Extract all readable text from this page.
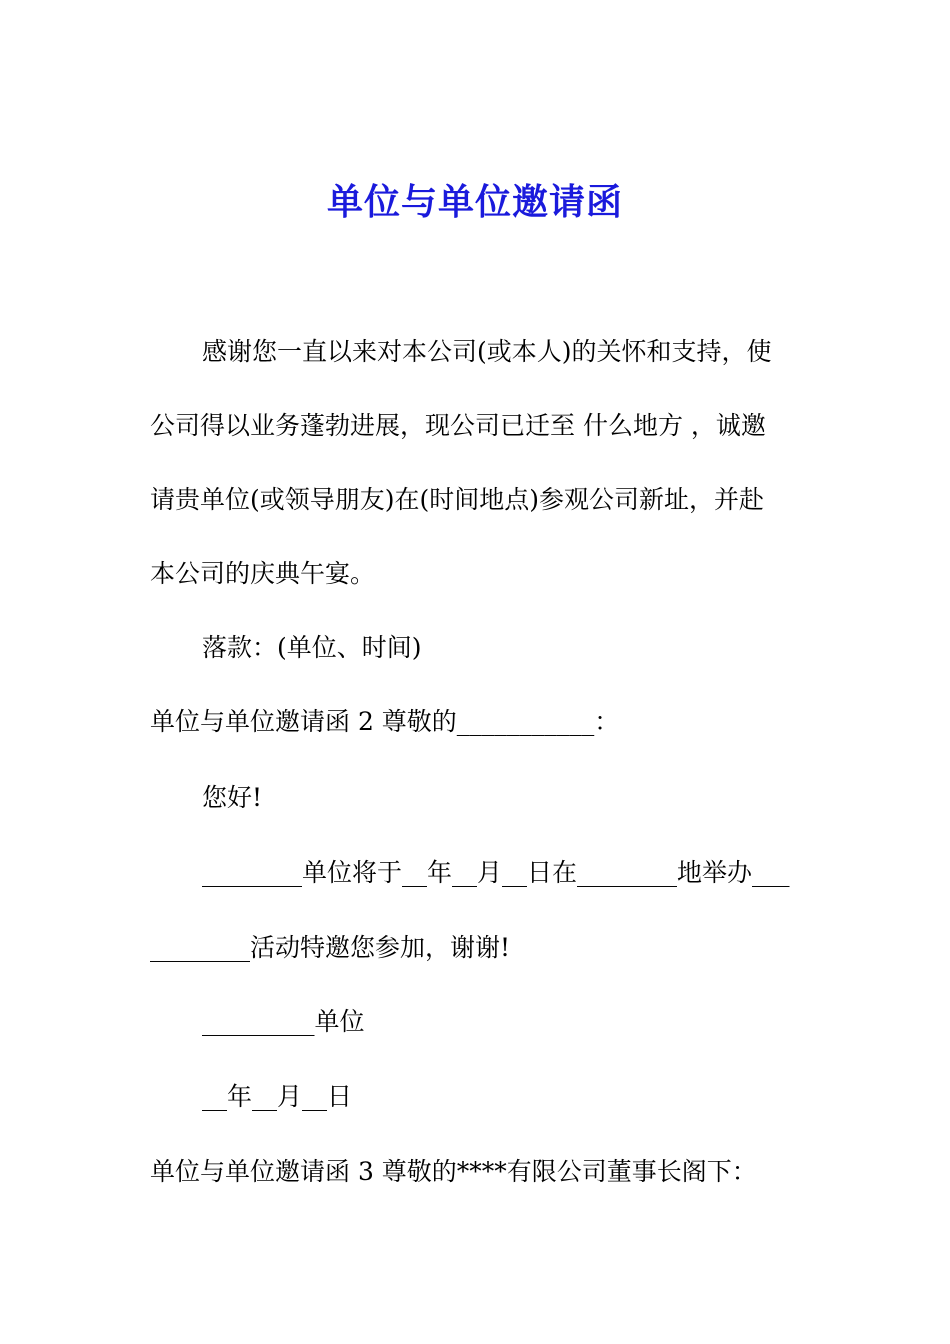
单位与单位邀请函
感谢您一直以来对本公司(或本人)的关怀和支持，使
公司得以业务蓬勃进展，现公司已迁至 什么地方 ，诚邀
请贵单位(或领导朋友)在(时间地点)参观公司新址，并赴
本公司的庆典午宴。
落款：(单位、时间)
单位与单位邀请函 2 尊敬的___________：
您好!
________单位将于__年__月__日在________地举办___
________活动特邀您参加，谢谢!
_________单位
__年__月__日
单位与单位邀请函 3 尊敬的****有限公司董事长阁下：
